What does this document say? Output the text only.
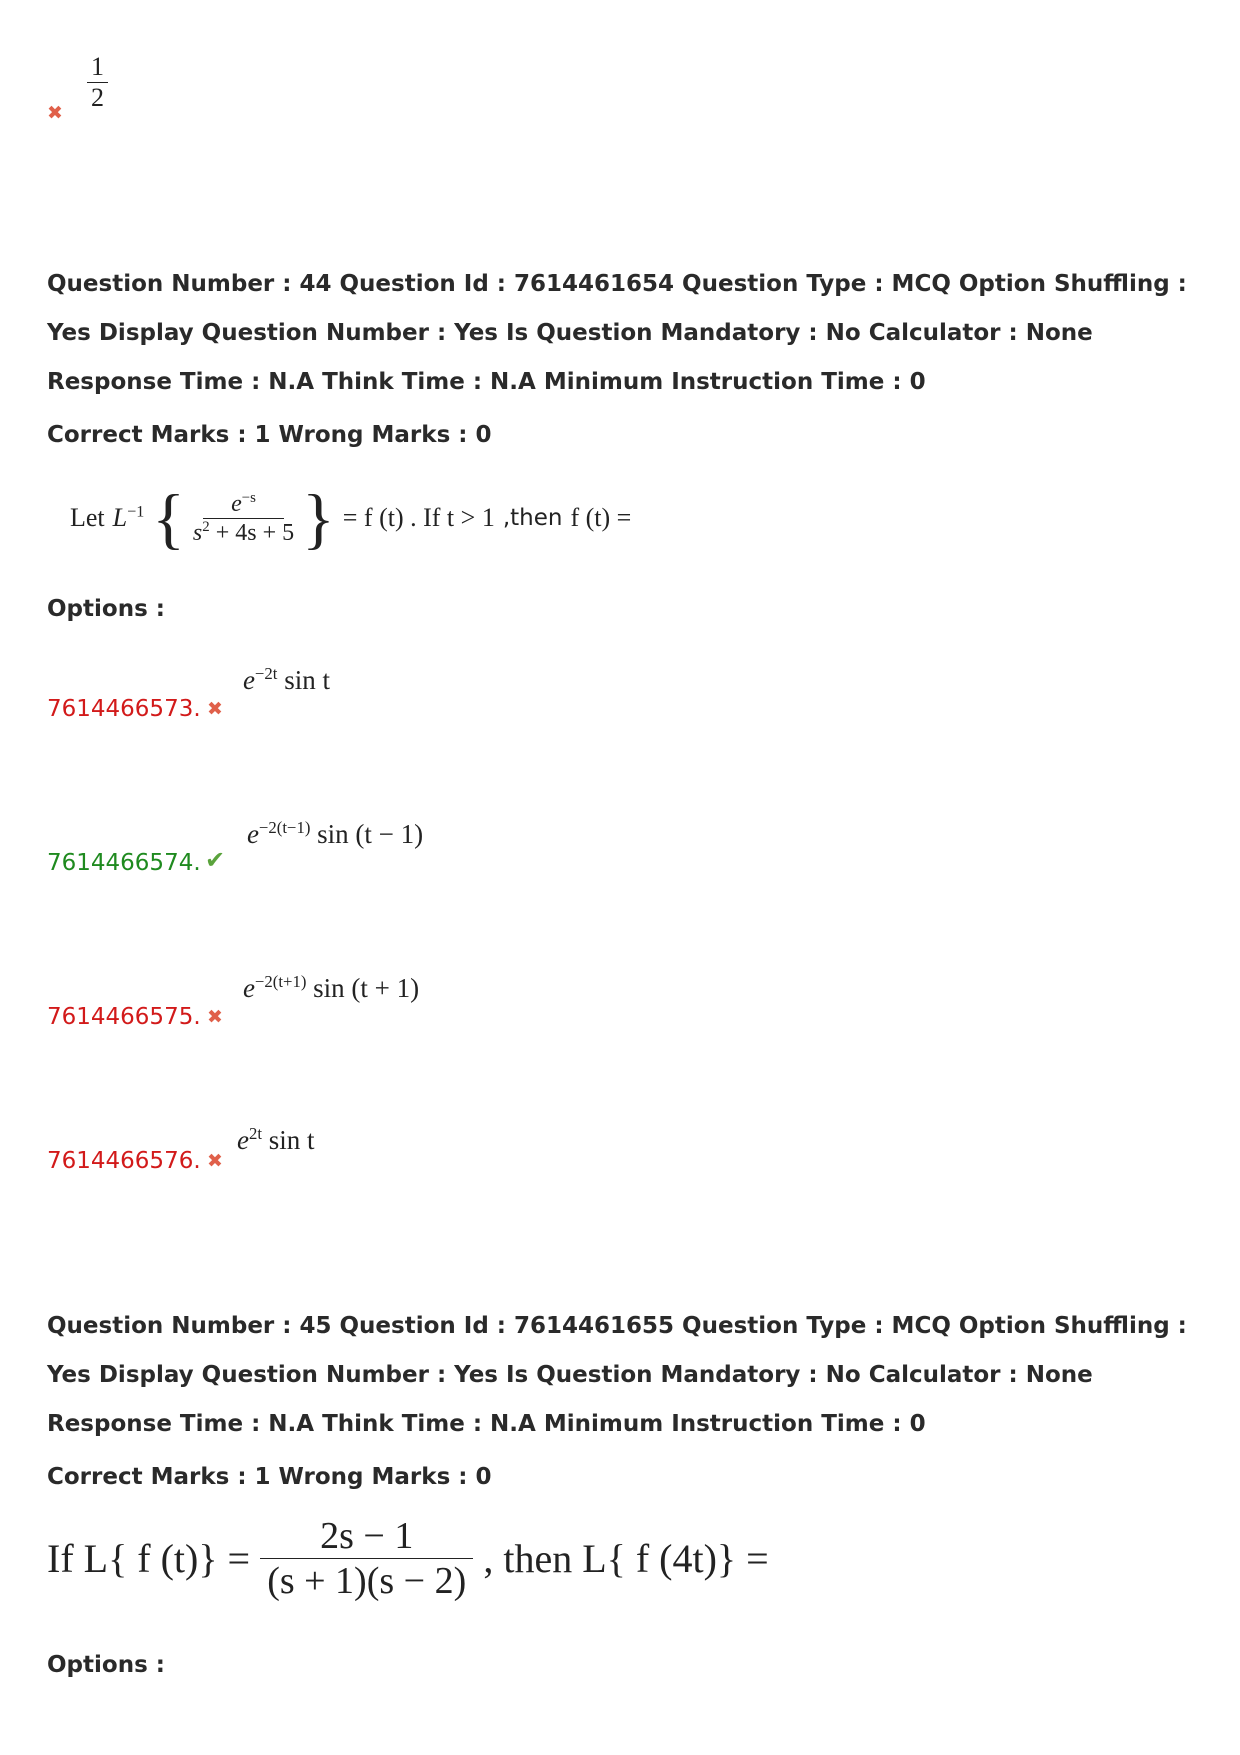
✖ $\frac{1}{2}$
Question Number : 44 Question Id : 7614461654 Question Type : MCQ Option Shuffling : Yes Display Question Number : Yes Is Question Mandatory : No Calculator : None Response Time : N.A Think Time : N.A Minimum Instruction Time : 0
Correct Marks : 1 Wrong Marks : 0
Let $L^{-1}$ { $\frac{e^{-s}}{s^2 + 4s + 5}$ } = f (t) . If t > 1 ,then f (t) =
Options :
7614466573. ✖
$e^{-2t}$ sin t
7614466574. ✔
$e^{-2(t-1)}$ sin (t − 1)
7614466575. ✖
$e^{-2(t+1)}$ sin (t + 1)
7614466576. ✖
$e^{2t}$ sin t
Question Number : 45 Question Id : 7614461655 Question Type : MCQ Option Shuffling : Yes Display Question Number : Yes Is Question Mandatory : No Calculator : None Response Time : N.A Think Time : N.A Minimum Instruction Time : 0
Correct Marks : 1 Wrong Marks : 0
If L{ f $(t)\} = \frac{2s - 1}{(s + 1)(s - 2)}$ , then L{ f (4t)} =
Options :
